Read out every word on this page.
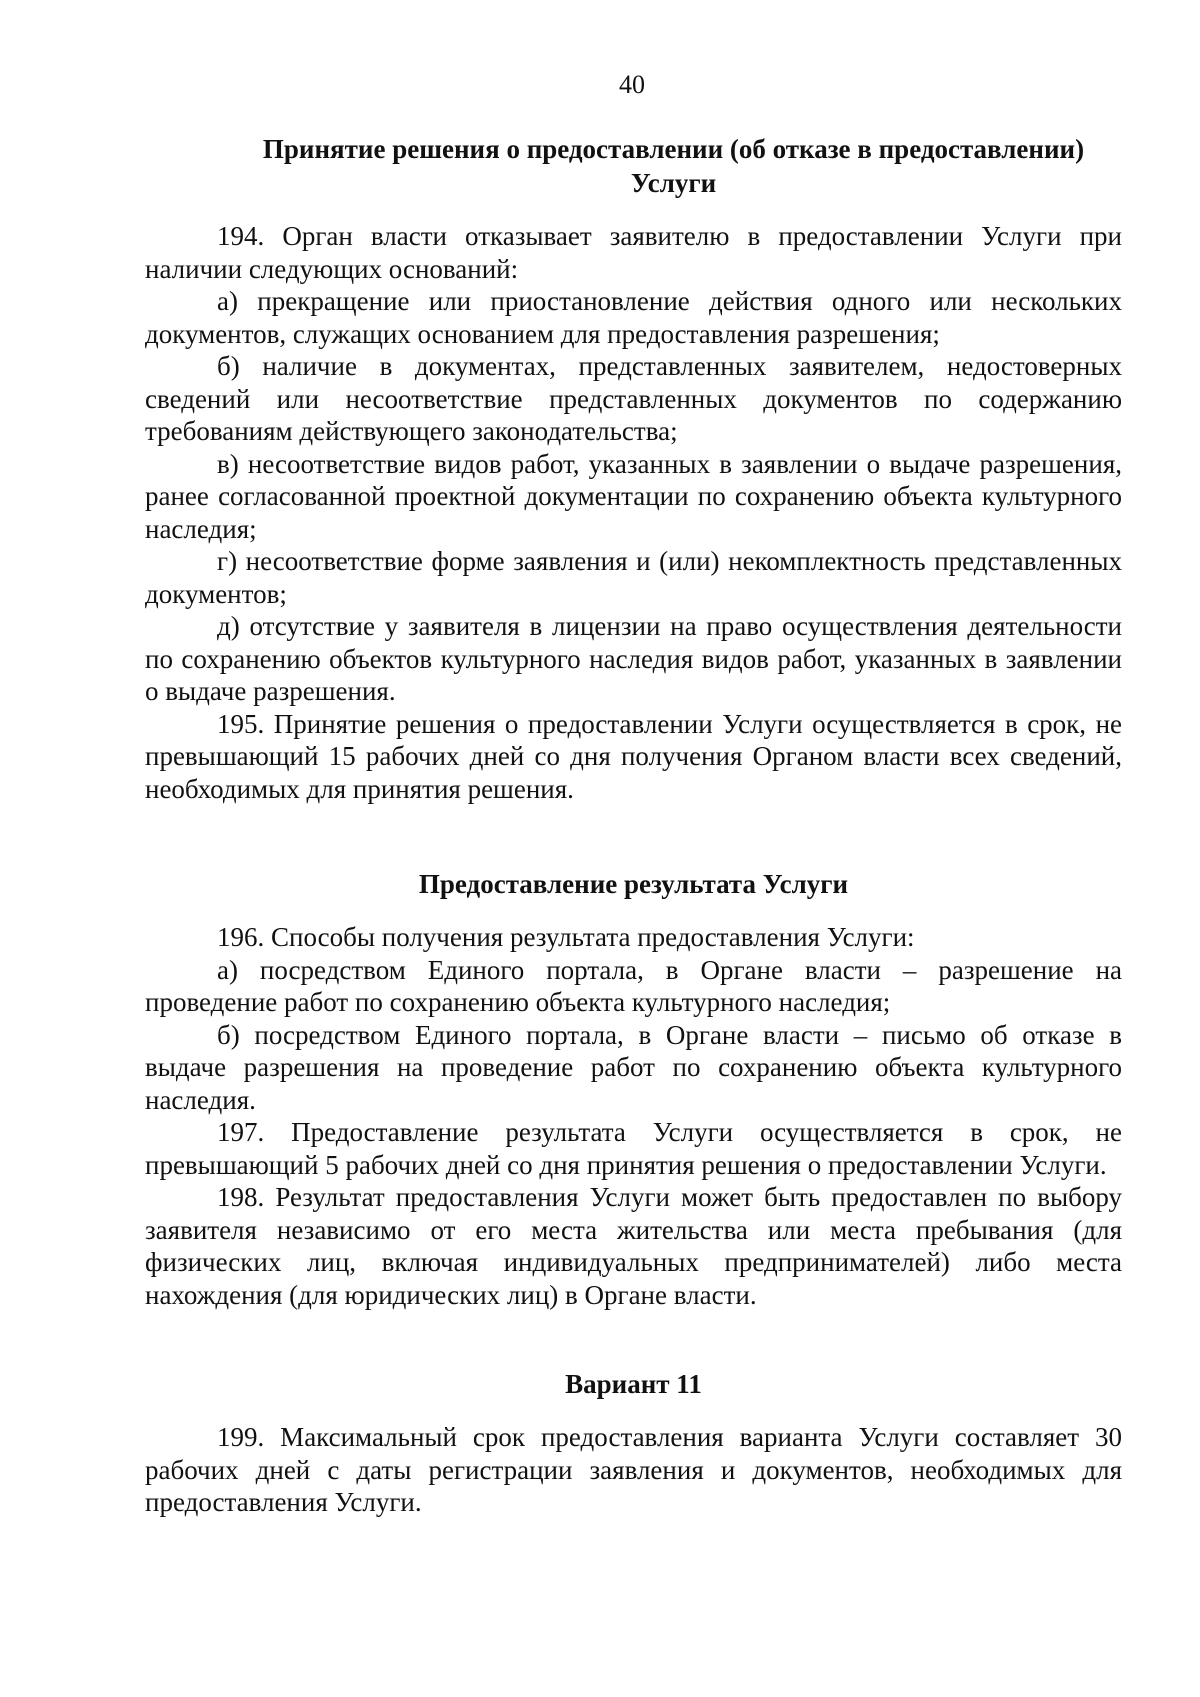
40
Принятие решения о предоставлении (об отказе в предоставлении)
Услуги

194. Орган власти отказывает заявителю в предоставлении Услуги при наличии следующих оснований:

а) прекращение или приостановление действия одного или нескольких документов, служащих основанием для предоставления разрешения;

б) наличие в документах, представленных заявителем, недостоверных сведений или несоответствие представленных документов по содержанию требованиям действующего законодательства;

в) несоответствие видов работ, указанных в заявлении о выдаче разрешения, ранее согласованной проектной документации по сохранению объекта культурного наследия;

г) несоответствие форме заявления и (или) некомплектность представленных документов;

д) отсутствие у заявителя в лицензии на право осуществления деятельности по сохранению объектов культурного наследия видов работ, указанных в заявлении о выдаче разрешения.

195. Принятие решения о предоставлении Услуги осуществляется в срок, не превышающий 15 рабочих дней со дня получения Органом власти всех сведений, необходимых для принятия решения.

Предоставление результата Услуги

196. Способы получения результата предоставления Услуги:

а) посредством Единого портала, в Органе власти – разрешение на проведение работ по сохранению объекта культурного наследия;

б) посредством Единого портала, в Органе власти – письмо об отказе в выдаче разрешения на проведение работ по сохранению объекта культурного наследия.

197. Предоставление результата Услуги осуществляется в срок, не превышающий 5 рабочих дней со дня принятия решения о предоставлении Услуги.

198. Результат предоставления Услуги может быть предоставлен по выбору заявителя независимо от его места жительства или места пребывания (для физических лиц, включая индивидуальных предпринимателей) либо места нахождения (для юридических лиц) в Органе власти.

Вариант 11

199. Максимальный срок предоставления варианта Услуги составляет 30 рабочих дней с даты регистрации заявления и документов, необходимых для предоставления Услуги.
